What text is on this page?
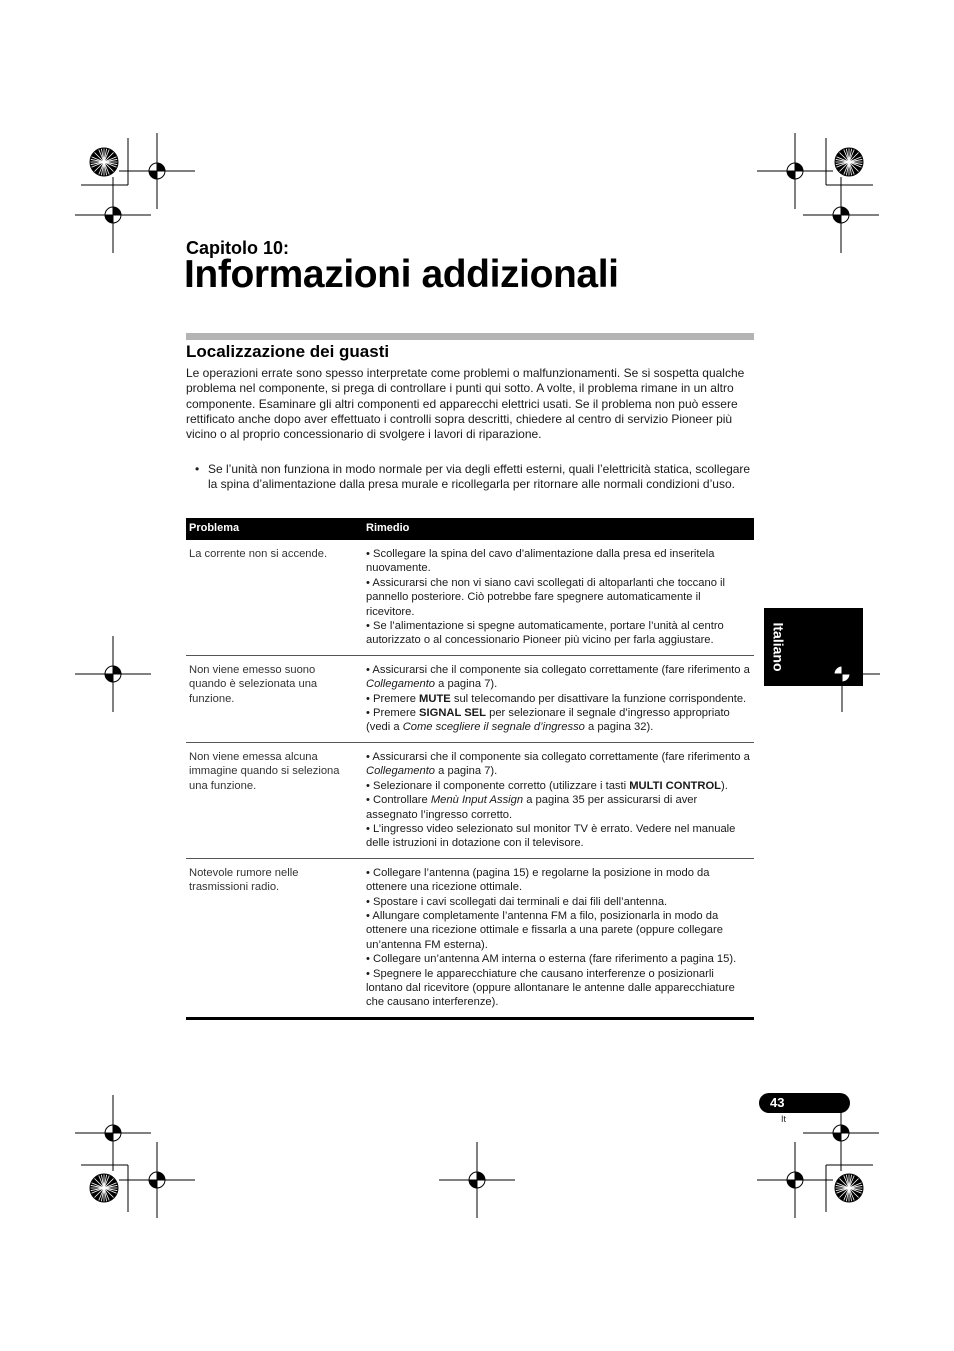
Capitolo 10:
Informazioni addizionali
Localizzazione dei guasti

Le operazioni errate sono spesso interpretate come problemi o malfunzionamenti. Se si sospetta qualche problema nel componente, si prega di controllare i punti qui sotto. A volte, il problema rimane in un altro componente. Esaminare gli altri componenti ed apparecchi elettrici usati. Se il problema non può essere rettificato anche dopo aver effettuato i controlli sopra descritti, chiedere al centro di servizio Pioneer più vicino o al proprio concessionario di svolgere i lavori di riparazione.

• Se l’unità non funziona in modo normale per via degli effetti esterni, quali l’elettricità statica, scollegare la spina d’alimentazione dalla presa murale e ricollegarla per ritornare alle normali condizioni d’uso.
Problema	Rimedio
La corrente non si accende.	• Scollegare la spina del cavo d’alimentazione dalla presa ed inseritela nuovamente.
• Assicurarsi che non vi siano cavi scollegati di altoparlanti che toccano il pannello posteriore. Ciò potrebbe fare spegnere automaticamente il ricevitore.
• Se l’alimentazione si spegne automaticamente, portare l’unità al centro autorizzato o al concessionario Pioneer più vicino per farla aggiustare.

Non viene emesso suono quando è selezionata una funzione.	• Assicurarsi che il componente sia collegato correttamente (fare riferimento a Collegamento a pagina 7).
• Premere MUTE sul telecomando per disattivare la funzione corrispondente.
• Premere SIGNAL SEL per selezionare il segnale d’ingresso appropriato (vedi a Come scegliere il segnale d’ingresso a pagina 32).

Non viene emessa alcuna immagine quando si seleziona una funzione.	• Assicurarsi che il componente sia collegato correttamente (fare riferimento a Collegamento a pagina 7).
• Selezionare il componente corretto (utilizzare i tasti MULTI CONTROL).
• Controllare Menù Input Assign a pagina 35 per assicurarsi di aver assegnato l’ingresso corretto.
• L’ingresso video selezionato sul monitor TV è errato. Vedere nel manuale delle istruzioni in dotazione con il televisore.

Notevole rumore nelle trasmissioni radio.	• Collegare l’antenna (pagina 15) e regolarne la posizione in modo da ottenere una ricezione ottimale.
• Spostare i cavi scollegati dai terminali e dai fili dell’antenna.
• Allungare completamente l’antenna FM a filo, posizionarla in modo da ottenere una ricezione ottimale e fissarla a una parete (oppure collegare un’antenna FM esterna).
• Collegare un’antenna AM interna o esterna (fare riferimento a pagina 15).
• Spegnere le apparecchiature che causano interferenze o posizionarli lontano dal ricevitore (oppure allontanare le antenne dalle apparecchiature che causano interferenze).
Italiano
43
It
